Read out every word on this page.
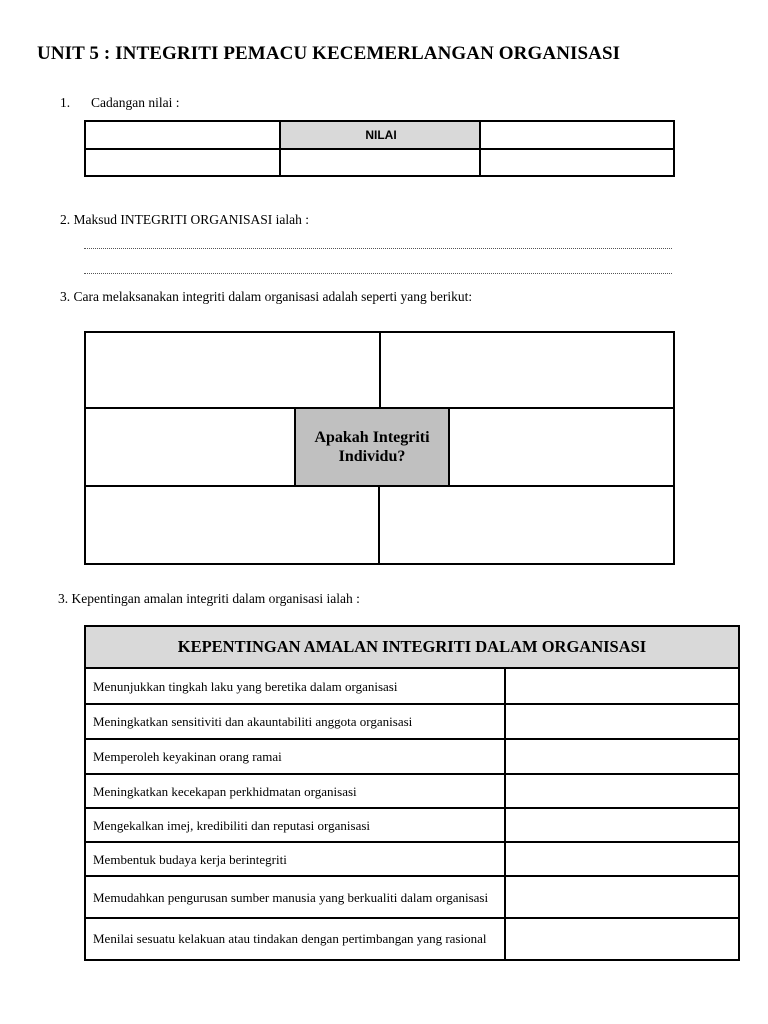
UNIT 5 : INTEGRITI PEMACU KECEMERLANGAN ORGANISASI
1. Cadangan nilai :
NILAI
2. Maksud INTEGRITI ORGANISASI ialah :
3. Cara melaksanakan integriti dalam organisasi adalah seperti yang berikut:
Apakah Integriti
Individu?
3. Kepentingan amalan integriti dalam organisasi ialah :
KEPENTINGAN AMALAN INTEGRITI DALAM ORGANISASI
Menunjukkan tingkah laku yang beretika dalam organisasi
Meningkatkan sensitiviti dan akauntabiliti anggota organisasi
Memperoleh keyakinan orang ramai
Meningkatkan kecekapan perkhidmatan organisasi
Mengekalkan imej, kredibiliti dan reputasi organisasi
Membentuk budaya kerja berintegriti
Memudahkan pengurusan sumber manusia yang berkualiti dalam organisasi
Menilai sesuatu kelakuan atau tindakan dengan pertimbangan yang rasional
